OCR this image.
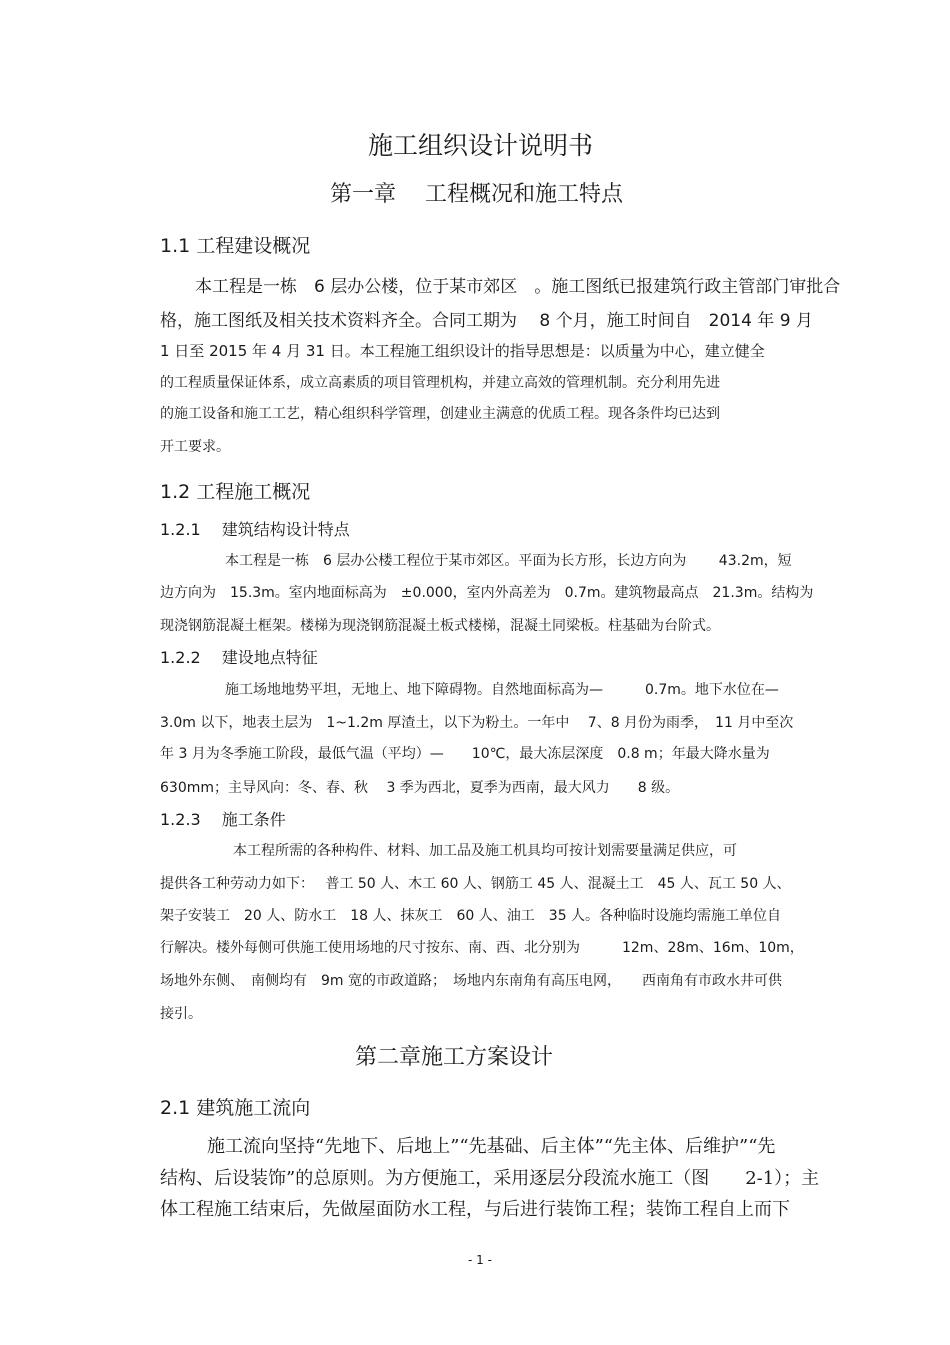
施工组织设计说明书
第一章　 工程概况和施工特点
1.1 工程建设概况
本工程是一栋　6 层办公楼，位于某市郊区　。施工图纸已报建筑行政主管部门审批合
格，施工图纸及相关技术资料齐全。合同工期为　 8 个月，施工时间自　2014 年 9 月
1 日至 2015 年 4 月 31 日。本工程施工组织设计的指导思想是：以质量为中心，建立健全
的工程质量保证体系，成立高素质的项目管理机构，并建立高效的管理机制。充分利用先进
的施工设备和施工工艺，精心组织科学管理，创建业主满意的优质工程。现各条件均已达到
开工要求。
1.2 工程施工概况
1.2.1　 建筑结构设计特点
本工程是一栋　6 层办公楼工程位于某市郊区。平面为长方形，长边方向为　　 43.2m，短
边方向为　15.3m。室内地面标高为　±0.000，室内外高差为　0.7m。建筑物最高点　21.3m。结构为
现浇钢筋混凝土框架。楼梯为现浇钢筋混凝土板式楼梯，混凝土同梁板。柱基础为台阶式。
1.2.2　 建设地点特征
施工场地地势平坦，无地上、地下障碍物。自然地面标高为—　　　0.7m。地下水位在—
3.0m 以下，地表土层为　1~1.2m 厚渣土，以下为粉土。一年中　 7、8 月份为雨季，　11 月中至次
年 3 月为冬季施工阶段，最低气温（平均）—　　10℃，最大冻层深度　0.8 m；年最大降水量为
630mm；主导风向：冬、春、秋　 3 季为西北，夏季为西南，最大风力　　8 级。
1.2.3　 施工条件
本工程所需的各种构件、材料、加工品及施工机具均可按计划需要量满足供应，可
提供各工种劳动力如下：　 普工 50 人、木工 60 人、钢筋工 45 人、混凝土工　45 人、瓦工 50 人、
架子安装工　20 人、防水工　18 人、抹灰工　60 人、油工　35 人。各种临时设施均需施工单位自
行解决。楼外每侧可供施工使用场地的尺寸按东、南、西、北分别为　　　12m、28m、16m、10m，
场地外东侧、　南侧均有　9m 宽的市政道路；　场地内东南角有高压电网，　　西南角有市政水井可供
接引。
第二章施工方案设计
2.1 建筑施工流向
施工流向坚持“先地下、后地上”“先基础、后主体”“先主体、后维护”“先
结构、后设装饰”的总原则。为方便施工，采用逐层分段流水施工（图　　2-1）；主
体工程施工结束后，先做屋面防水工程，与后进行装饰工程；装饰工程自上而下
- 1 -
